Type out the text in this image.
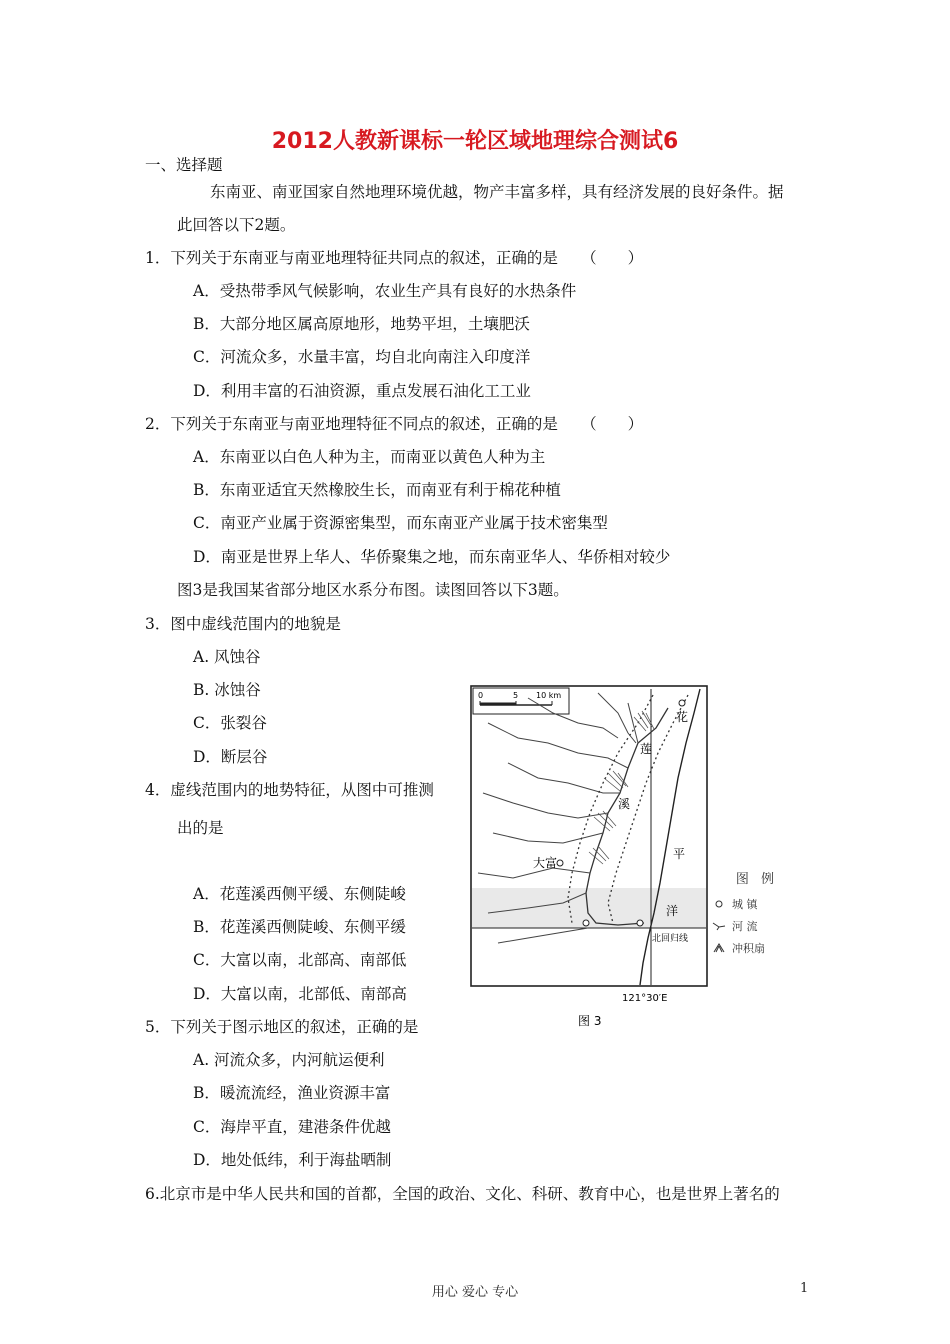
2012人教新课标一轮区域地理综合测试6
一、选择题
东南亚、南亚国家自然地理环境优越，物产丰富多样，具有经济发展的良好条件。据
此回答以下2题。
1．下列关于东南亚与南亚地理特征共同点的叙述，正确的是　　（　　）
A．受热带季风气候影响，农业生产具有良好的水热条件
B．大部分地区属高原地形，地势平坦，土壤肥沃
C．河流众多，水量丰富，均自北向南注入印度洋
D．利用丰富的石油资源，重点发展石油化工工业
2．下列关于东南亚与南亚地理特征不同点的叙述，正确的是　　（　　）
A．东南亚以白色人种为主，而南亚以黄色人种为主
B．东南亚适宜天然橡胶生长，而南亚有利于棉花种植
C．南亚产业属于资源密集型，而东南亚产业属于技术密集型
D．南亚是世界上华人、华侨聚集之地，而东南亚华人、华侨相对较少
图3是我国某省部分地区水系分布图。读图回答以下3题。
3．图中虚线范围内的地貌是
A. 风蚀谷
B. 冰蚀谷
C．张裂谷
D．断层谷
4．虚线范围内的地势特征，从图中可推测
出的是
A．花莲溪西侧平缓、东侧陡峻
B．花莲溪西侧陡峻、东侧平缓
C．大富以南，北部高、南部低
D．大富以南，北部低、南部高
5．下列关于图示地区的叙述，正确的是
A. 河流众多，内河航运便利
B．暖流流经，渔业资源丰富
C．海岸平直，建港条件优越
D．地处低纬，利于海盐晒制
6.北京市是中华人民共和国的首都，全国的政治、文化、科研、教育中心，也是世界上著名的
0	5 10 km
花
莲
溪
大富
平
洋
北回归线
121°30′E
图 3
图 例
城 镇
河 流
冲积扇
用心 爱心 专心	1
